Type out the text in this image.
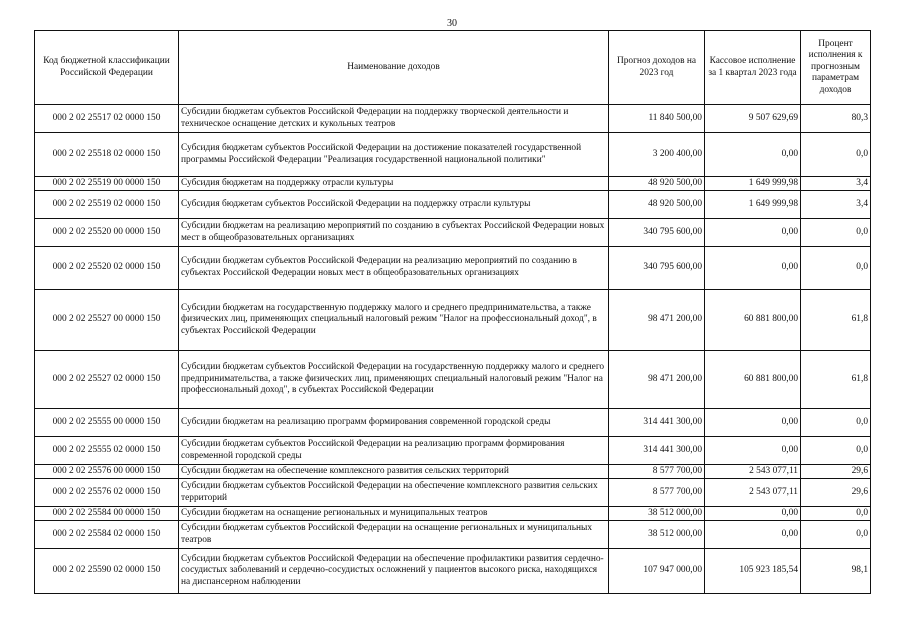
30
Код бюджетной классификации Российской Федерации	Наименование доходов	Прогноз доходов на 2023 год	Кассовое исполнение за 1 квартал 2023 года	Процент исполнения к прогнозным параметрам доходов
000 2 02 25517 02 0000 150	Субсидии бюджетам субъектов Российской Федерации на поддержку творческой деятельности и техническое оснащение детских и кукольных театров	11 840 500,00	9 507 629,69	80,3
000 2 02 25518 02 0000 150	Субсидия бюджетам субъектов Российской Федерации на достижение показателей государственной программы Российской Федерации "Реализация государственной национальной политики"	3 200 400,00	0,00	0,0
000 2 02 25519 00 0000 150	Субсидия бюджетам на поддержку отрасли культуры	48 920 500,00	1 649 999,98	3,4
000 2 02 25519 02 0000 150	Субсидия бюджетам субъектов Российской Федерации на поддержку отрасли культуры	48 920 500,00	1 649 999,98	3,4
000 2 02 25520 00 0000 150	Субсидии бюджетам на реализацию мероприятий по созданию в субъектах Российской Федерации новых мест в общеобразовательных организациях	340 795 600,00	0,00	0,0
000 2 02 25520 02 0000 150	Субсидии бюджетам субъектов Российской Федерации на реализацию мероприятий по созданию в субъектах Российской Федерации новых мест в общеобразовательных организациях	340 795 600,00	0,00	0,0
000 2 02 25527 00 0000 150	Субсидии бюджетам на государственную поддержку малого и среднего предпринимательства, а также физических лиц, применяющих специальный налоговый режим "Налог на профессиональный доход", в субъектах Российской Федерации	98 471 200,00	60 881 800,00	61,8
000 2 02 25527 02 0000 150	Субсидии бюджетам субъектов Российской Федерации на государственную поддержку малого и среднего предпринимательства, а также физических лиц, применяющих специальный налоговый режим "Налог на профессиональный доход", в субъектах Российской Федерации	98 471 200,00	60 881 800,00	61,8
000 2 02 25555 00 0000 150	Субсидии бюджетам на реализацию программ формирования современной городской среды	314 441 300,00	0,00	0,0
000 2 02 25555 02 0000 150	Субсидии бюджетам субъектов Российской Федерации на реализацию программ формирования современной городской среды	314 441 300,00	0,00	0,0
000 2 02 25576 00 0000 150	Субсидии бюджетам на обеспечение комплексного развития сельских территорий	8 577 700,00	2 543 077,11	29,6
000 2 02 25576 02 0000 150	Субсидии бюджетам субъектов Российской Федерации на обеспечение комплексного развития сельских территорий	8 577 700,00	2 543 077,11	29,6
000 2 02 25584 00 0000 150	Субсидии бюджетам на оснащение региональных и муниципальных театров	38 512 000,00	0,00	0,0
000 2 02 25584 02 0000 150	Субсидии бюджетам субъектов Российской Федерации на оснащение региональных и муниципальных театров	38 512 000,00	0,00	0,0
000 2 02 25590 02 0000 150	Субсидии бюджетам субъектов Российской Федерации на обеспечение профилактики развития сердечно-сосудистых заболеваний и сердечно-сосудистых осложнений у пациентов высокого риска, находящихся на диспансерном наблюдении	107 947 000,00	105 923 185,54	98,1
